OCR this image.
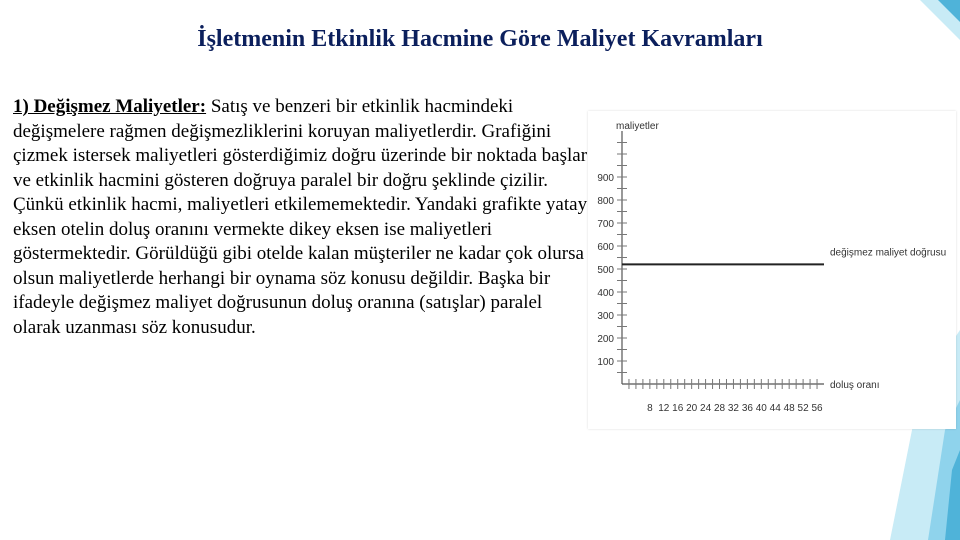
İşletmenin Etkinlik Hacmine Göre Maliyet Kavramları

1) Değişmez Maliyetler: Satış ve benzeri bir etkinlik hacmindeki değişmelere rağmen değişmezliklerini koruyan maliyetlerdir. Grafiğini çizmek istersek maliyetleri gösterdiğimiz doğru üzerinde bir noktada başlar ve etkinlik hacmini gösteren doğruya paralel bir doğru şeklinde çizilir. Çünkü etkinlik hacmi, maliyetleri etkilememektedir. Yandaki grafikte yatay eksen otelin doluş oranını vermekte dikey eksen ise maliyetleri göstermektedir. Görüldüğü gibi otelde kalan müşteriler ne kadar çok olursa olsun maliyetlerde herhangi bir oynama söz konusu değildir. Başka bir ifadeyle değişmez maliyet doğrusunun doluş oranına (satışlar) paralel olarak uzanması söz konusudur.

100
200
300
400
500
600
700
800
900
8 12 16 20 24 28 32 36 40 44 48 52 56
maliyetler
doluş oranı
değişmez maliyet doğrusu
